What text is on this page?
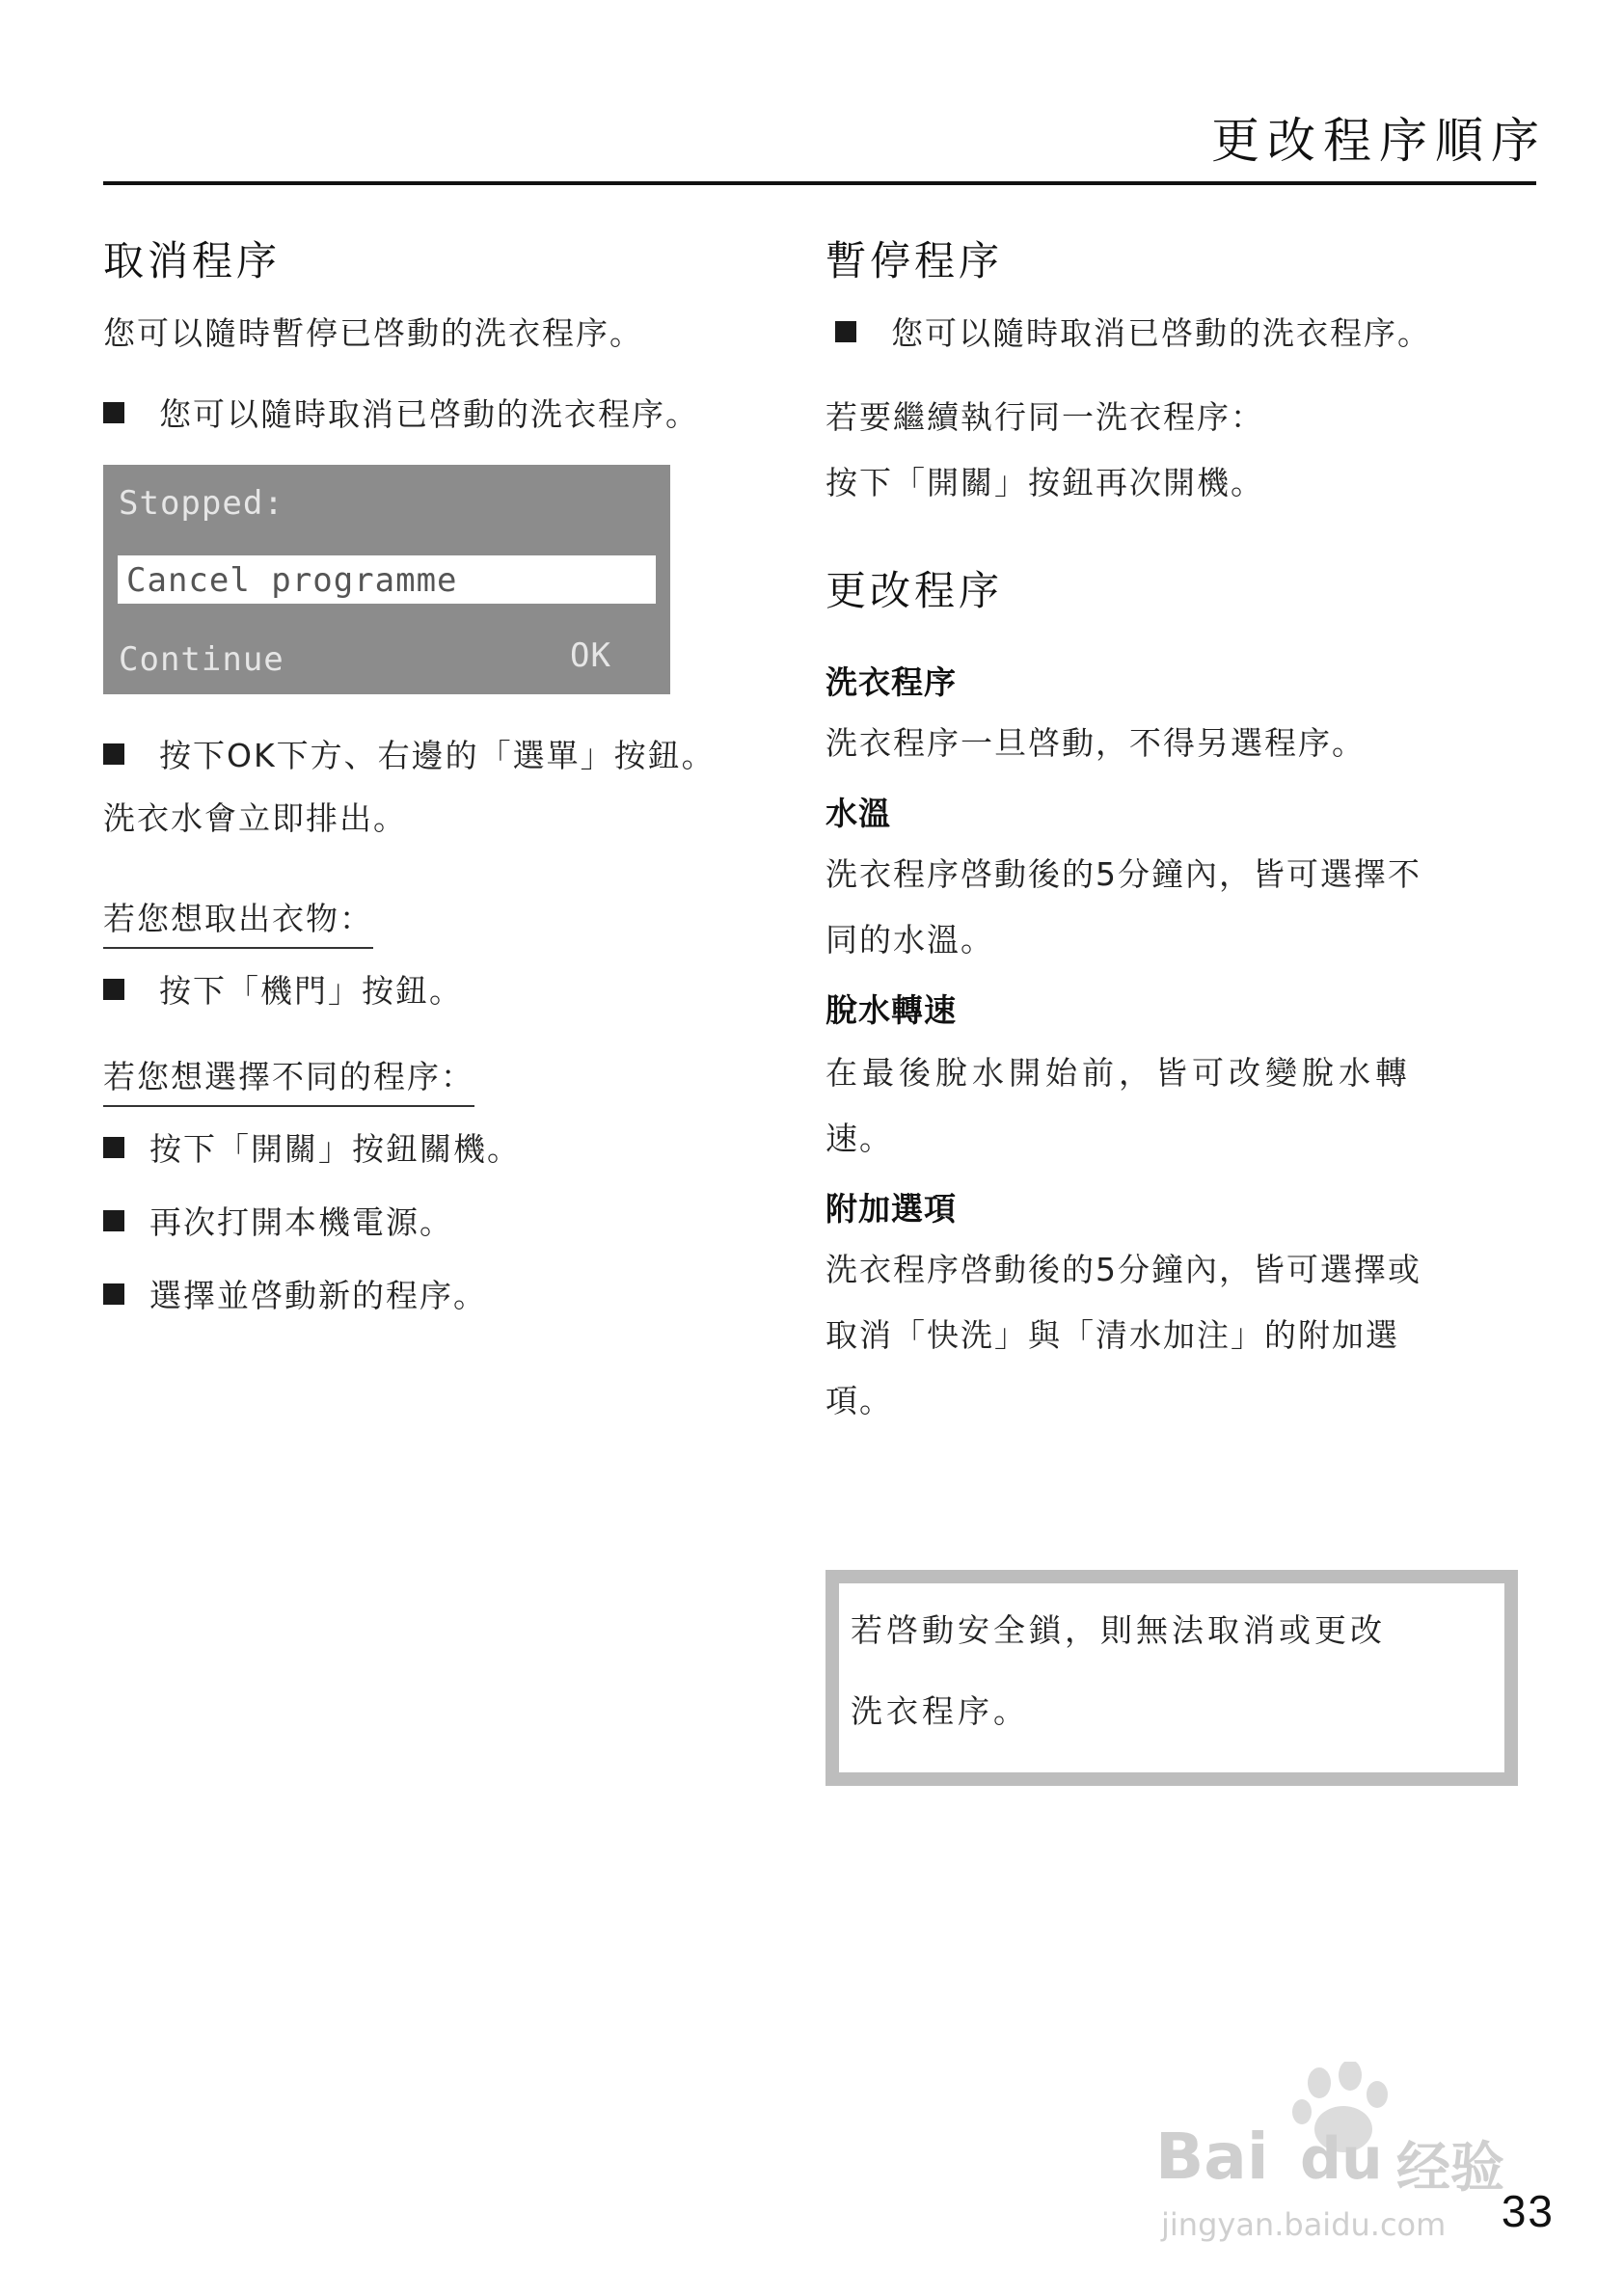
更改程序順序
取消程序
您可以隨時暫停已啓動的洗衣程序。
您可以隨時取消已啓動的洗衣程序。
Stopped:
Cancel programme
Continue	OK
按下OK下方、右邊的「選單」按鈕。
洗衣水會立即排出。
若您想取出衣物：
按下「機門」按鈕。
若您想選擇不同的程序：
按下「開關」按鈕關機。
再次打開本機電源。
選擇並啓動新的程序。
暫停程序
您可以隨時取消已啓動的洗衣程序。
若要繼續執行同一洗衣程序：
按下「開關」按鈕再次開機。
更改程序
洗衣程序
洗衣程序一旦啓動，不得另選程序。
水溫
洗衣程序啓動後的5分鐘內，皆可選擇不
同的水溫。
脫水轉速
在最後脫水開始前，皆可改變脫水轉
速。
附加選項
洗衣程序啓動後的5分鐘內，皆可選擇或
取消「快洗」與「清水加注」的附加選
項。
若啓動安全鎖，則無法取消或更改
洗衣程序。
Bai du 经验
jingyan.baidu.com 33
